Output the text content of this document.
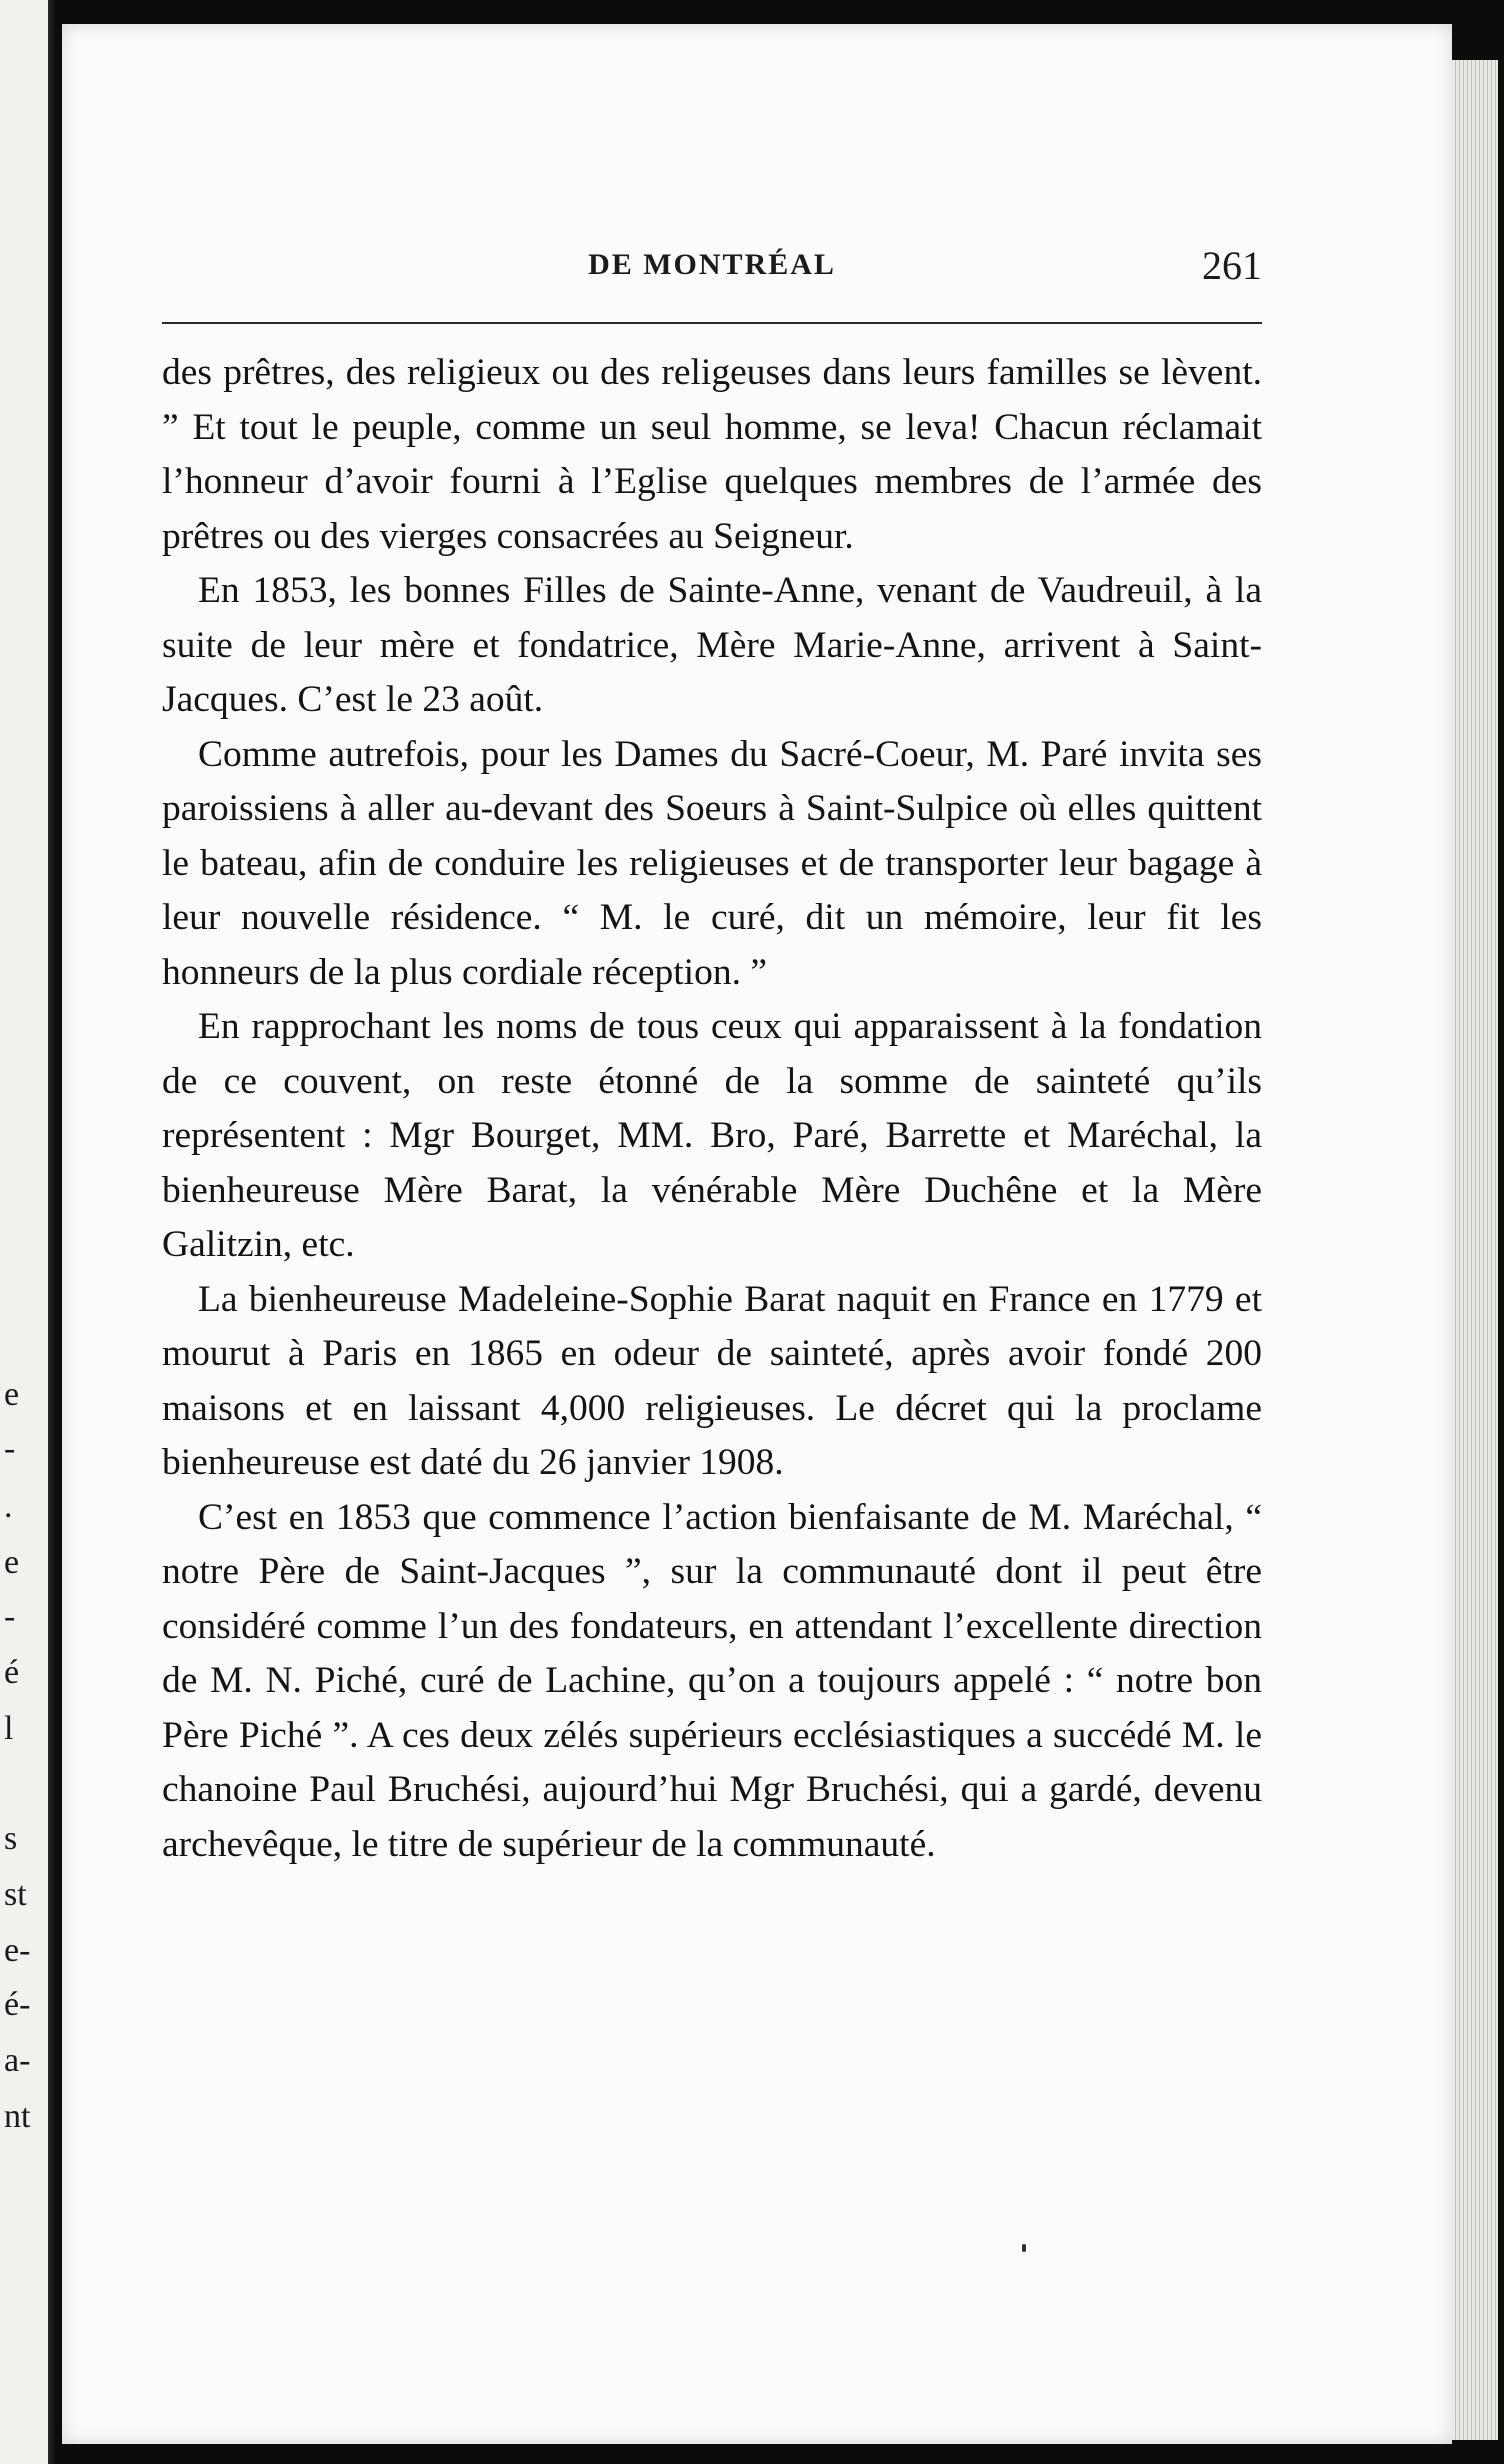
e
-
.
e
-
é
l
s
st
e-
é-
a-
nt
DE MONTRÉAL	261

des prêtres, des religieux ou des religeuses dans leurs familles se lèvent. ” Et tout le peuple, comme un seul homme, se leva! Chacun réclamait l’honneur d’avoir fourni à l’Eglise quelques membres de l’armée des prêtres ou des vierges consacrées au Seigneur.

En 1853, les bonnes Filles de Sainte-Anne, venant de Vaudreuil, à la suite de leur mère et fondatrice, Mère Marie-Anne, arrivent à Saint-Jacques. C’est le 23 août.

Comme autrefois, pour les Dames du Sacré-Coeur, M. Paré invita ses paroissiens à aller au-devant des Soeurs à Saint-Sulpice où elles quittent le bateau, afin de conduire les religieuses et de transporter leur bagage à leur nouvelle résidence. “ M. le curé, dit un mémoire, leur fit les honneurs de la plus cordiale réception. ”

En rapprochant les noms de tous ceux qui apparaissent à la fondation de ce couvent, on reste étonné de la somme de sainteté qu’ils représentent : Mgr Bourget, MM. Bro, Paré, Barrette et Maréchal, la bienheureuse Mère Barat, la vénérable Mère Duchêne et la Mère Galitzin, etc.

La bienheureuse Madeleine-Sophie Barat naquit en France en 1779 et mourut à Paris en 1865 en odeur de sainteté, après avoir fondé 200 maisons et en laissant 4,000 religieuses. Le décret qui la proclame bienheureuse est daté du 26 janvier 1908.

C’est en 1853 que commence l’action bienfaisante de M. Maréchal, “ notre Père de Saint-Jacques ”, sur la communauté dont il peut être considéré comme l’un des fondateurs, en attendant l’excellente direction de M. N. Piché, curé de Lachine, qu’on a toujours appelé : “ notre bon Père Piché ”. A ces deux zélés supérieurs ecclésiastiques a succédé M. le chanoine Paul Bruchési, aujourd’hui Mgr Bruchési, qui a gardé, devenu archevêque, le titre de supérieur de la communauté.
